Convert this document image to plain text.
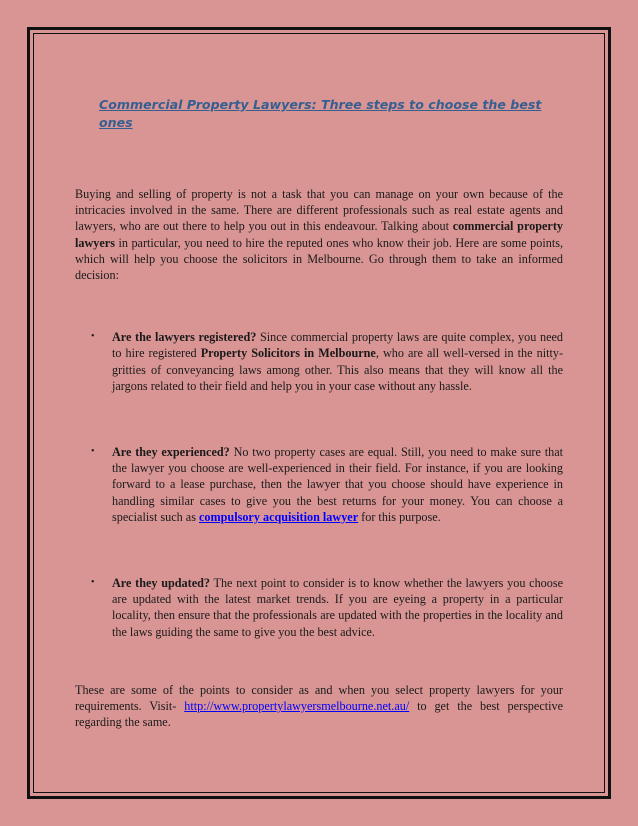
Commercial Property Lawyers: Three steps to choose the best ones

Buying and selling of property is not a task that you can manage on your own because of the intricacies involved in the same. There are different professionals such as real estate agents and lawyers, who are out there to help you out in this endeavour. Talking about commercial property lawyers in particular, you need to hire the reputed ones who know their job. Here are some points, which will help you choose the solicitors in Melbourne. Go through them to take an informed decision:

• Are the lawyers registered? Since commercial property laws are quite complex, you need to hire registered Property Solicitors in Melbourne, who are all well-versed in the nitty-gritties of conveyancing laws among other. This also means that they will know all the jargons related to their field and help you in your case without any hassle.

• Are they experienced? No two property cases are equal. Still, you need to make sure that the lawyer you choose are well-experienced in their field. For instance, if you are looking forward to a lease purchase, then the lawyer that you choose should have experience in handling similar cases to give you the best returns for your money. You can choose a specialist such as compulsory acquisition lawyer for this purpose.

• Are they updated? The next point to consider is to know whether the lawyers you choose are updated with the latest market trends. If you are eyeing a property in a particular locality, then ensure that the professionals are updated with the properties in the locality and the laws guiding the same to give you the best advice.

These are some of the points to consider as and when you select property lawyers for your requirements. Visit- http://www.propertylawyersmelbourne.net.au/ to get the best perspective regarding the same.
